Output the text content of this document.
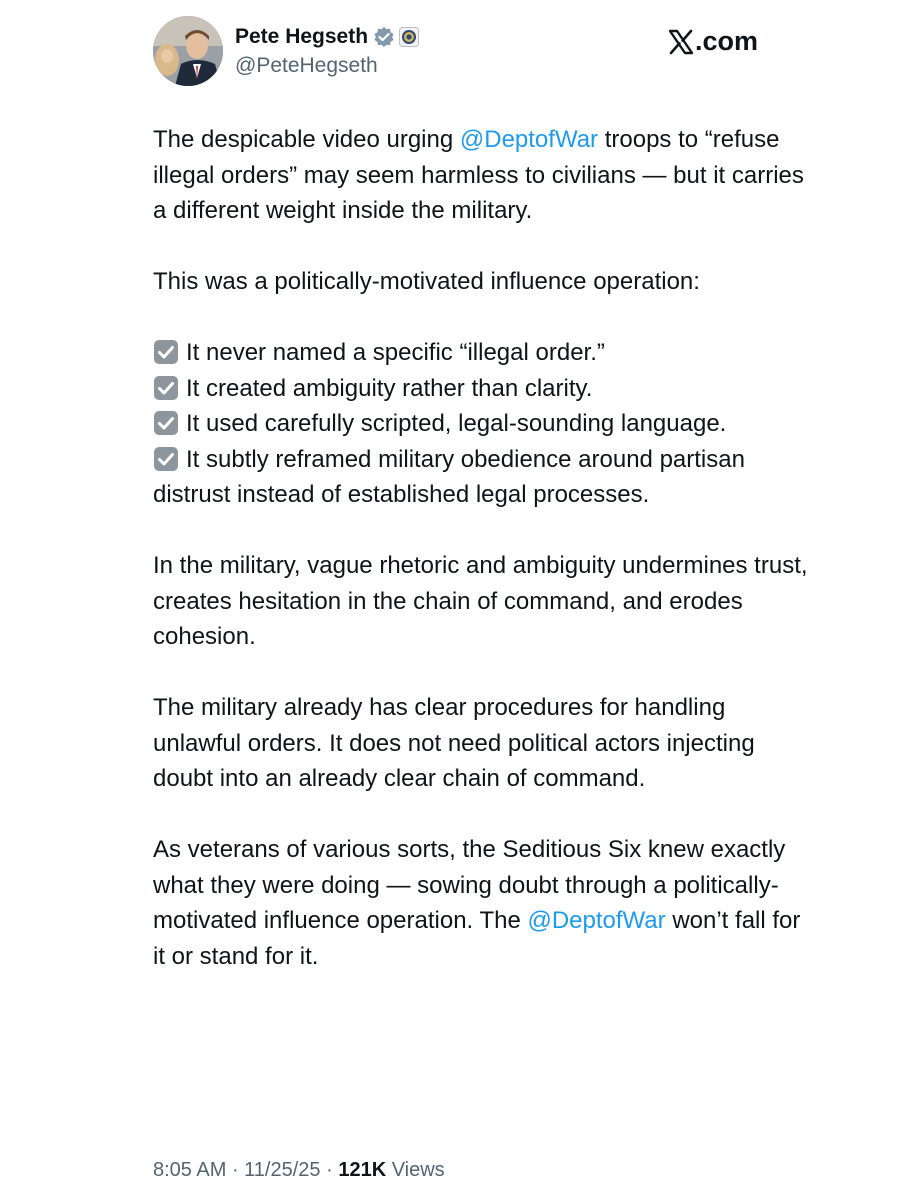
Pete Hegseth
@PeteHegseth
.com

The despicable video urging @DeptofWar troops to “refuse illegal orders” may seem harmless to civilians — but it carries a different weight inside the military.

This was a politically-motivated influence operation:

It never named a specific “illegal order.”
It created ambiguity rather than clarity.
It used carefully scripted, legal-sounding language.
It subtly reframed military obedience around partisan distrust instead of established legal processes.

In the military, vague rhetoric and ambiguity undermines trust, creates hesitation in the chain of command, and erodes cohesion.

The military already has clear procedures for handling unlawful orders. It does not need political actors injecting doubt into an already clear chain of command.

As veterans of various sorts, the Seditious Six knew exactly what they were doing — sowing doubt through a politically-motivated influence operation. The @DeptofWar won’t fall for it or stand for it.

8:05 AM · 11/25/25 · 121K Views
